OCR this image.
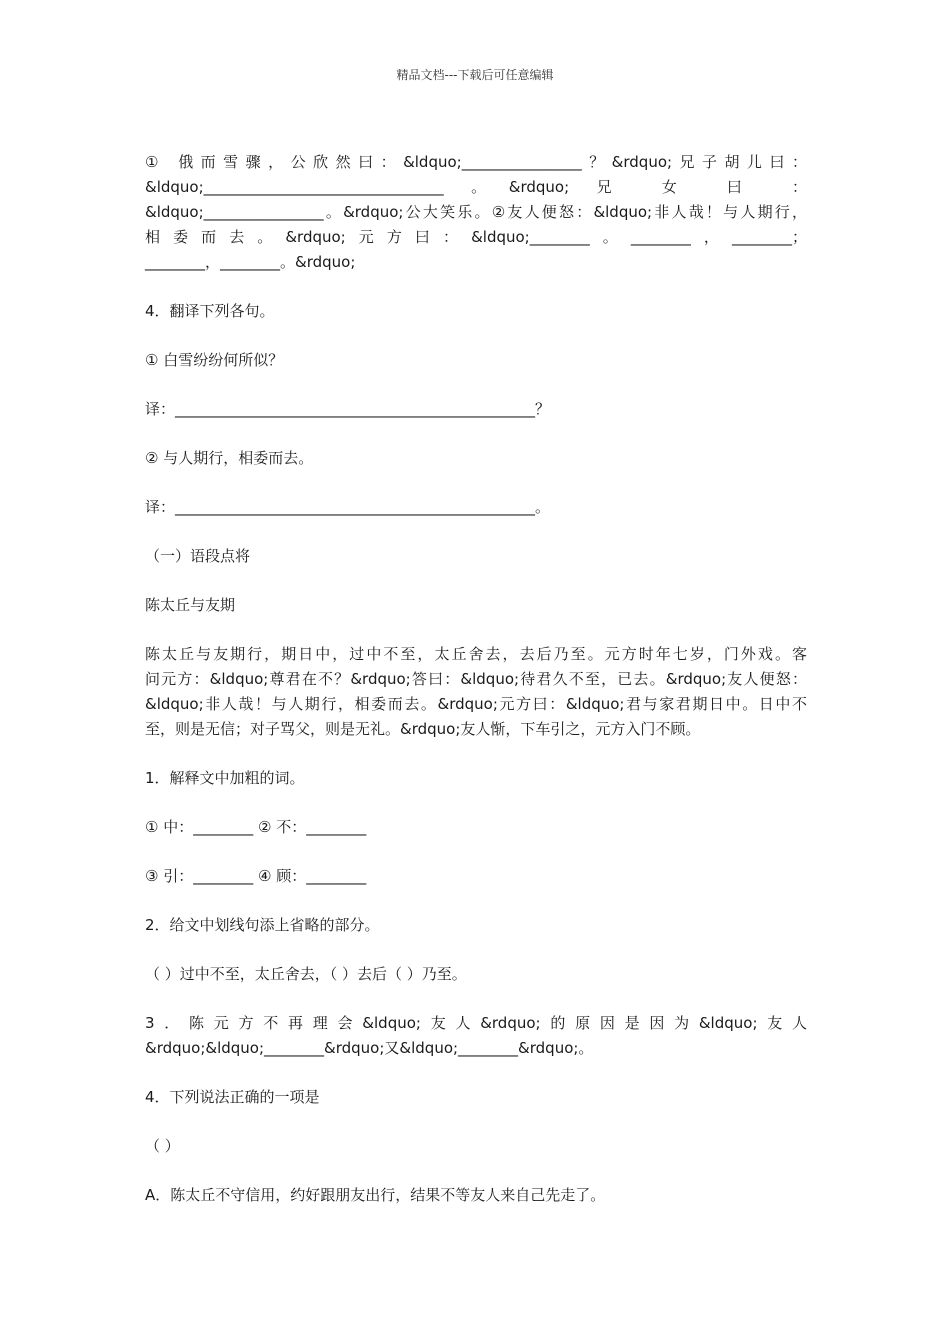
精品文档---下载后可任意编辑
① 俄而雪骤，公欣然曰：&ldquo;________________？&rdquo;兄子胡儿曰：
&ldquo;________________________________ 。&rdquo; 兄 女 曰 ：
&ldquo;________________。&rdquo;公大笑乐。②友人便怒：&ldquo;非人哉！与人期行，
相委而去。&rdquo;元方曰：&ldquo;________。________，________；
________，________。&rdquo;
4．翻译下列各句。
① 白雪纷纷何所似？
译：________________________________________________？
② 与人期行，相委而去。
译：________________________________________________。
（一）语段点将
陈太丘与友期
陈太丘与友期行，期日中，过中不至，太丘舍去，去后乃至。元方时年七岁，门外戏。客
问元方：&ldquo;尊君在不？&rdquo;答曰：&ldquo;待君久不至，已去。&rdquo;友人便怒：
&ldquo;非人哉！与人期行，相委而去。&rdquo;元方曰：&ldquo;君与家君期日中。日中不
至，则是无信；对子骂父，则是无礼。&rdquo;友人惭，下车引之，元方入门不顾。
1．解释文中加粗的词。
① 中：________ ② 不：________
③ 引：________ ④ 顾：________
2．给文中划线句添上省略的部分。
（ ）过中不至，太丘舍去，（ ）去后（ ）乃至。
3．陈元方不再理会&ldquo;友人&rdquo;的原因是因为&ldquo;友人
&rdquo;&ldquo;________&rdquo;又&ldquo;________&rdquo;。
4．下列说法正确的一项是
（ ）
A．陈太丘不守信用，约好跟朋友出行，结果不等友人来自己先走了。
